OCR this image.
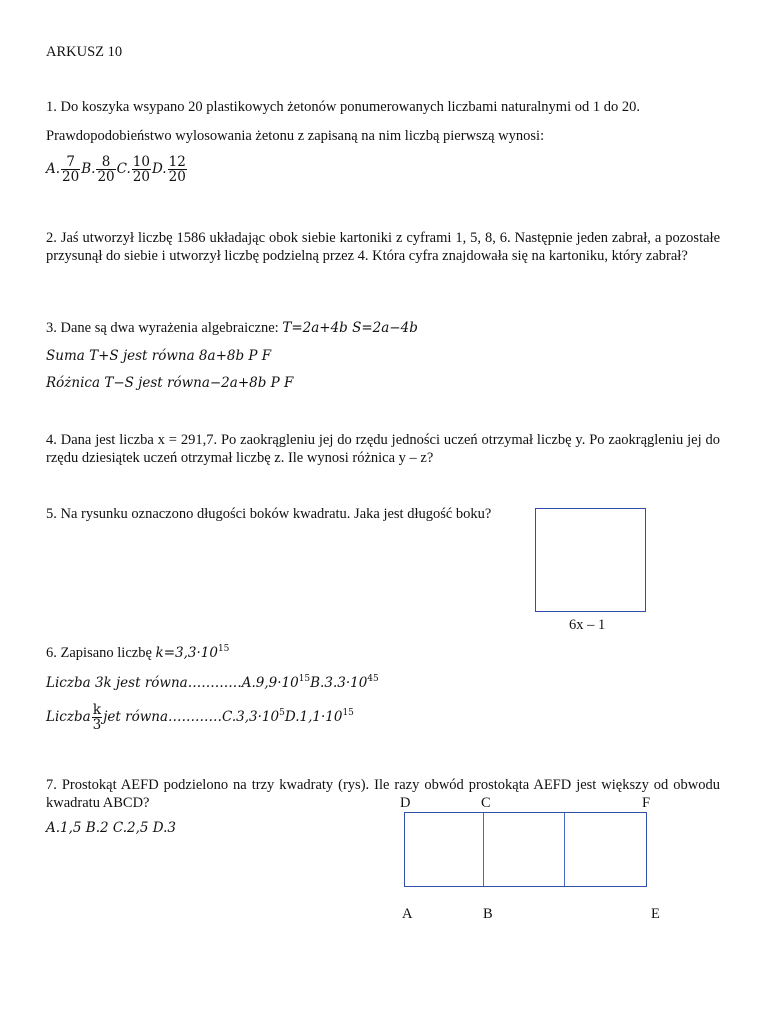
ARKUSZ 10
1. Do koszyka wsypano 20 plastikowych żetonów ponumerowanych liczbami naturalnymi od 1 do 20.
Prawdopodobieństwo wylosowania żetonu z zapisaną na nim liczbą pierwszą wynosi:
A. $\frac{7}{20} B$. $\frac{8}{20} C$. $\frac{10}{20} D$. $\frac{12}{20}$
2. Jaś utworzył liczbę 1586 układając obok siebie kartoniki z cyframi 1, 5, 8, 6. Następnie jeden zabrał, a pozostałe przysunął do siebie i utworzył liczbę podzielną przez 4. Która cyfra znajdowała się na kartoniku, który zabrał?
3. Dane są dwa wyrażenia algebraiczne: T=2a+4b S=2a−4b
Suma T+S jest równa 8a+8b P F
Różnica T−S jest równa−2a+8b P F
4. Dana jest liczba x = 291,7. Po zaokrągleniu jej do rzędu jedności uczeń otrzymał liczbę y. Po zaokrągleniu jej do rzędu dziesiątek uczeń otrzymał liczbę z. Ile wynosi różnica y – z?
5. Na rysunku oznaczono długości boków kwadratu. Jaka jest długość boku?
6x – 1
6. Zapisano liczbę $k=3,3\cdot 10^{15}$
Liczba 3k jest $równa\dots\dots\dots\dots A.9,9\cdot 10^{15}B.3.3\cdot 10^{45}$
Liczba $\frac{k}{3}$ jet $równa\dots\dots\dots\dots C.3,3\cdot 10^5D.1,1\cdot 10^{15}$
7. Prostokąt AEFD podzielono na trzy kwadraty (rys). Ile razy obwód prostokąta AEFD jest większy od obwodu kwadratu ABCD?
A.1,5 B.2 C.2,5 D.3
D	C	F
A	B	E
